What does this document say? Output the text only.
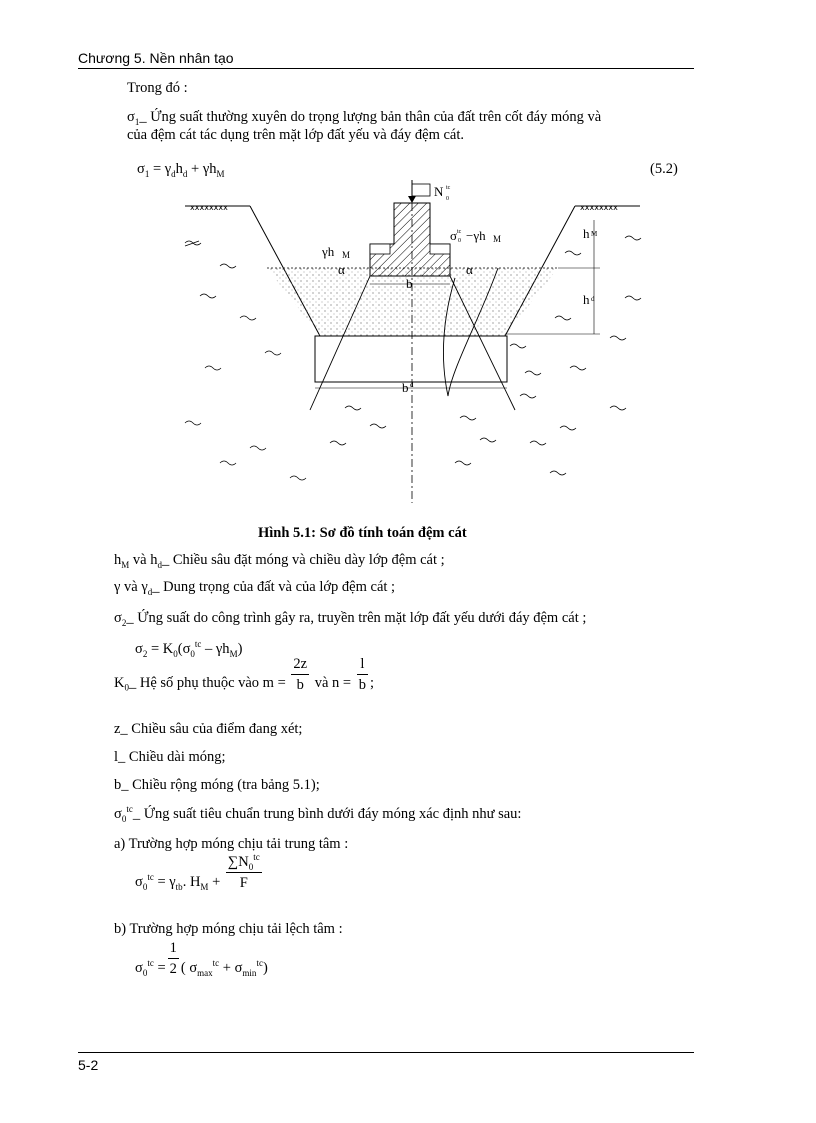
Chương 5. Nền nhân tạo
Trong đó :
$\sigma_1\_$ Ứng suất thường xuyên do trọng lượng bản thân của đất trên cốt đáy móng và
của đệm cát tác dụng trên mặt lớp đất yếu và đáy đệm cát.
$\sigma_1 = \gamma_dh_d + \gamma h_M$	(5.2)
xxxxxxxx	xxxxxxxx
N 0
tc
γh M
σ 0
tc −γh M
α	α
b
b d
h M
h d
Hình 5.1: Sơ đồ tính toán đệm cát
$h_M$ và $h_d\_$ Chiều sâu đặt móng và chiều dày lớp đệm cát ;
γ và $\gamma_d\_$ Dung trọng của đất và của lớp đệm cát ;
$\sigma_2\_$ Ứng suất do công trình gây ra, truyền trên mặt lớp đất yếu dưới đáy đệm cát ;
$\sigma_2 = K_0(\sigma_0^{tc} - \gamma h_M)$
$K_0\_$ Hệ số phụ thuộc vào $m = \frac{2z}{b}$ và $n = \frac{l}{b}$ ;
z_ Chiều sâu của điểm đang xét;
l_ Chiều dài móng;
b_ Chiều rộng móng (tra bảng 5.1);
$\sigma_0^{tc}\_$ Ứng suất tiêu chuẩn trung bình dưới đáy móng xác định như sau:
a) Trường hợp móng chịu tải trung tâm :
$\sigma_0^{tc} = \gamma_{tb}$. $H_M + \frac{\sum N_0^{tc}}{F}$
b) Trường hợp móng chịu tải lệch tâm :
$\sigma_0^{tc} = \frac{1}{2}$ ( $\sigma_{max}^{tc} + \sigma_{min}^{tc}$)
5-2
